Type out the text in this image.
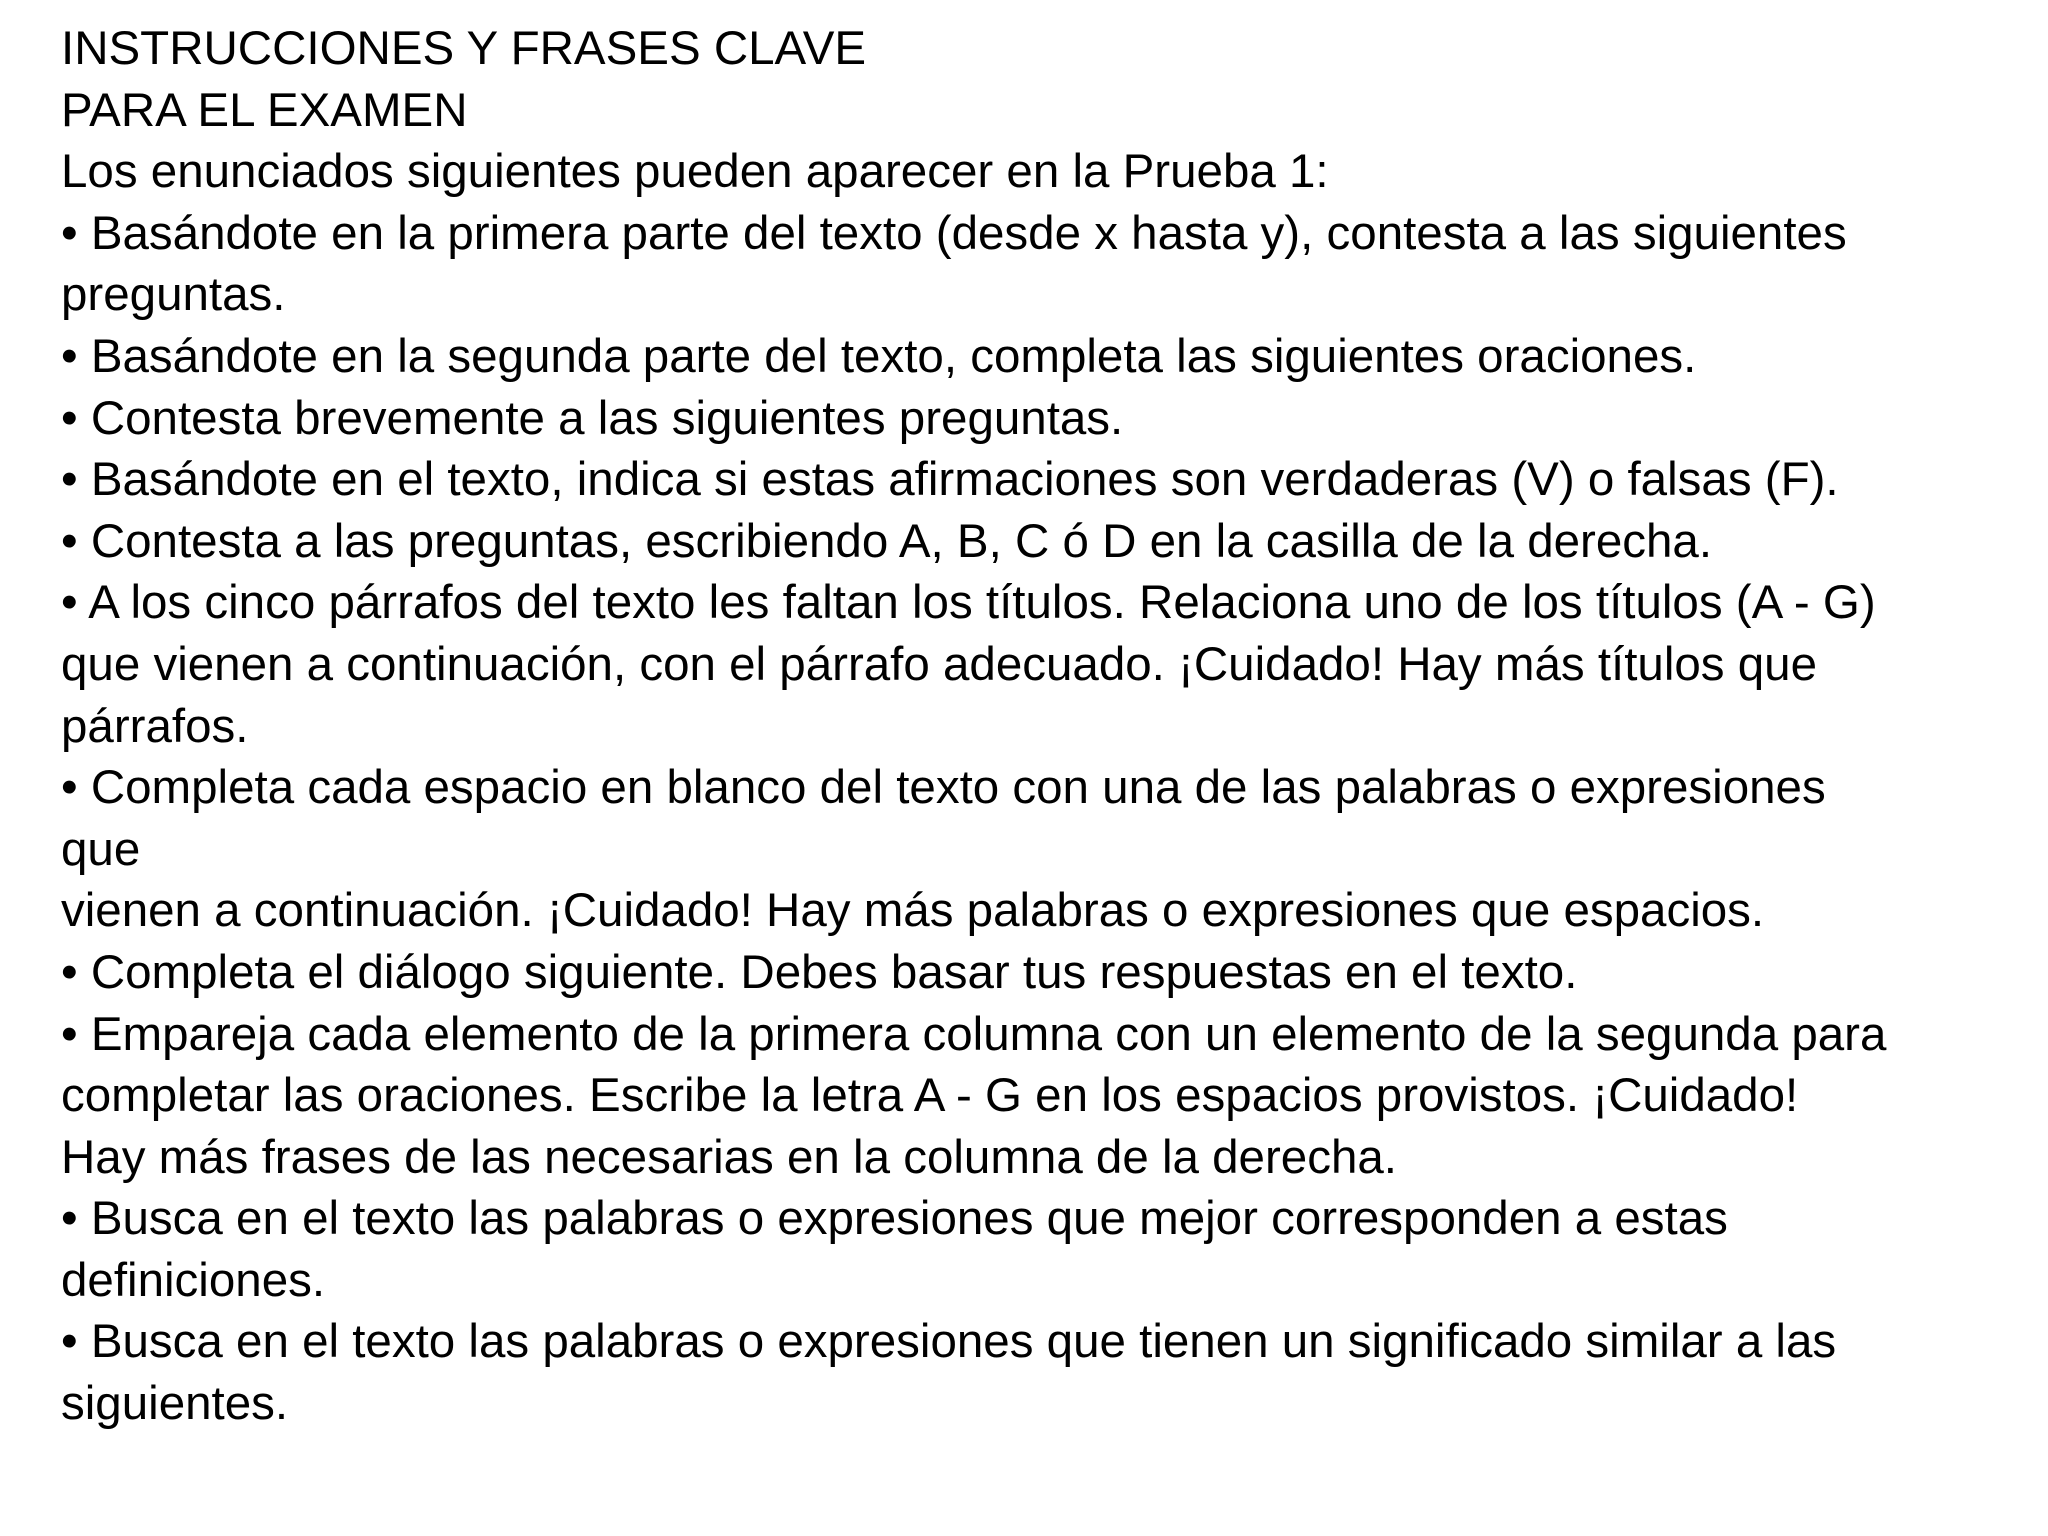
INSTRUCCIONES Y FRASES CLAVE

PARA EL EXAMEN

Los enunciados siguientes pueden aparecer en la Prueba 1:

• Basándote en la primera parte del texto (desde x hasta y), contesta a las siguientes

preguntas.

• Basándote en la segunda parte del texto, completa las siguientes oraciones.

• Contesta brevemente a las siguientes preguntas.

• Basándote en el texto, indica si estas afirmaciones son verdaderas (V) o falsas (F).

• Contesta a las preguntas, escribiendo A, B, C ó D en la casilla de la derecha.

• A los cinco párrafos del texto les faltan los títulos. Relaciona uno de los títulos (A - G)

que vienen a continuación, con el párrafo adecuado. ¡Cuidado! Hay más títulos que

párrafos.

• Completa cada espacio en blanco del texto con una de las palabras o expresiones

que

vienen a continuación. ¡Cuidado! Hay más palabras o expresiones que espacios.

• Completa el diálogo siguiente. Debes basar tus respuestas en el texto.

• Empareja cada elemento de la primera columna con un elemento de la segunda para

completar las oraciones. Escribe la letra A - G en los espacios provistos. ¡Cuidado!

Hay más frases de las necesarias en la columna de la derecha.

• Busca en el texto las palabras o expresiones que mejor corresponden a estas

definiciones.

• Busca en el texto las palabras o expresiones que tienen un significado similar a las

siguientes.
